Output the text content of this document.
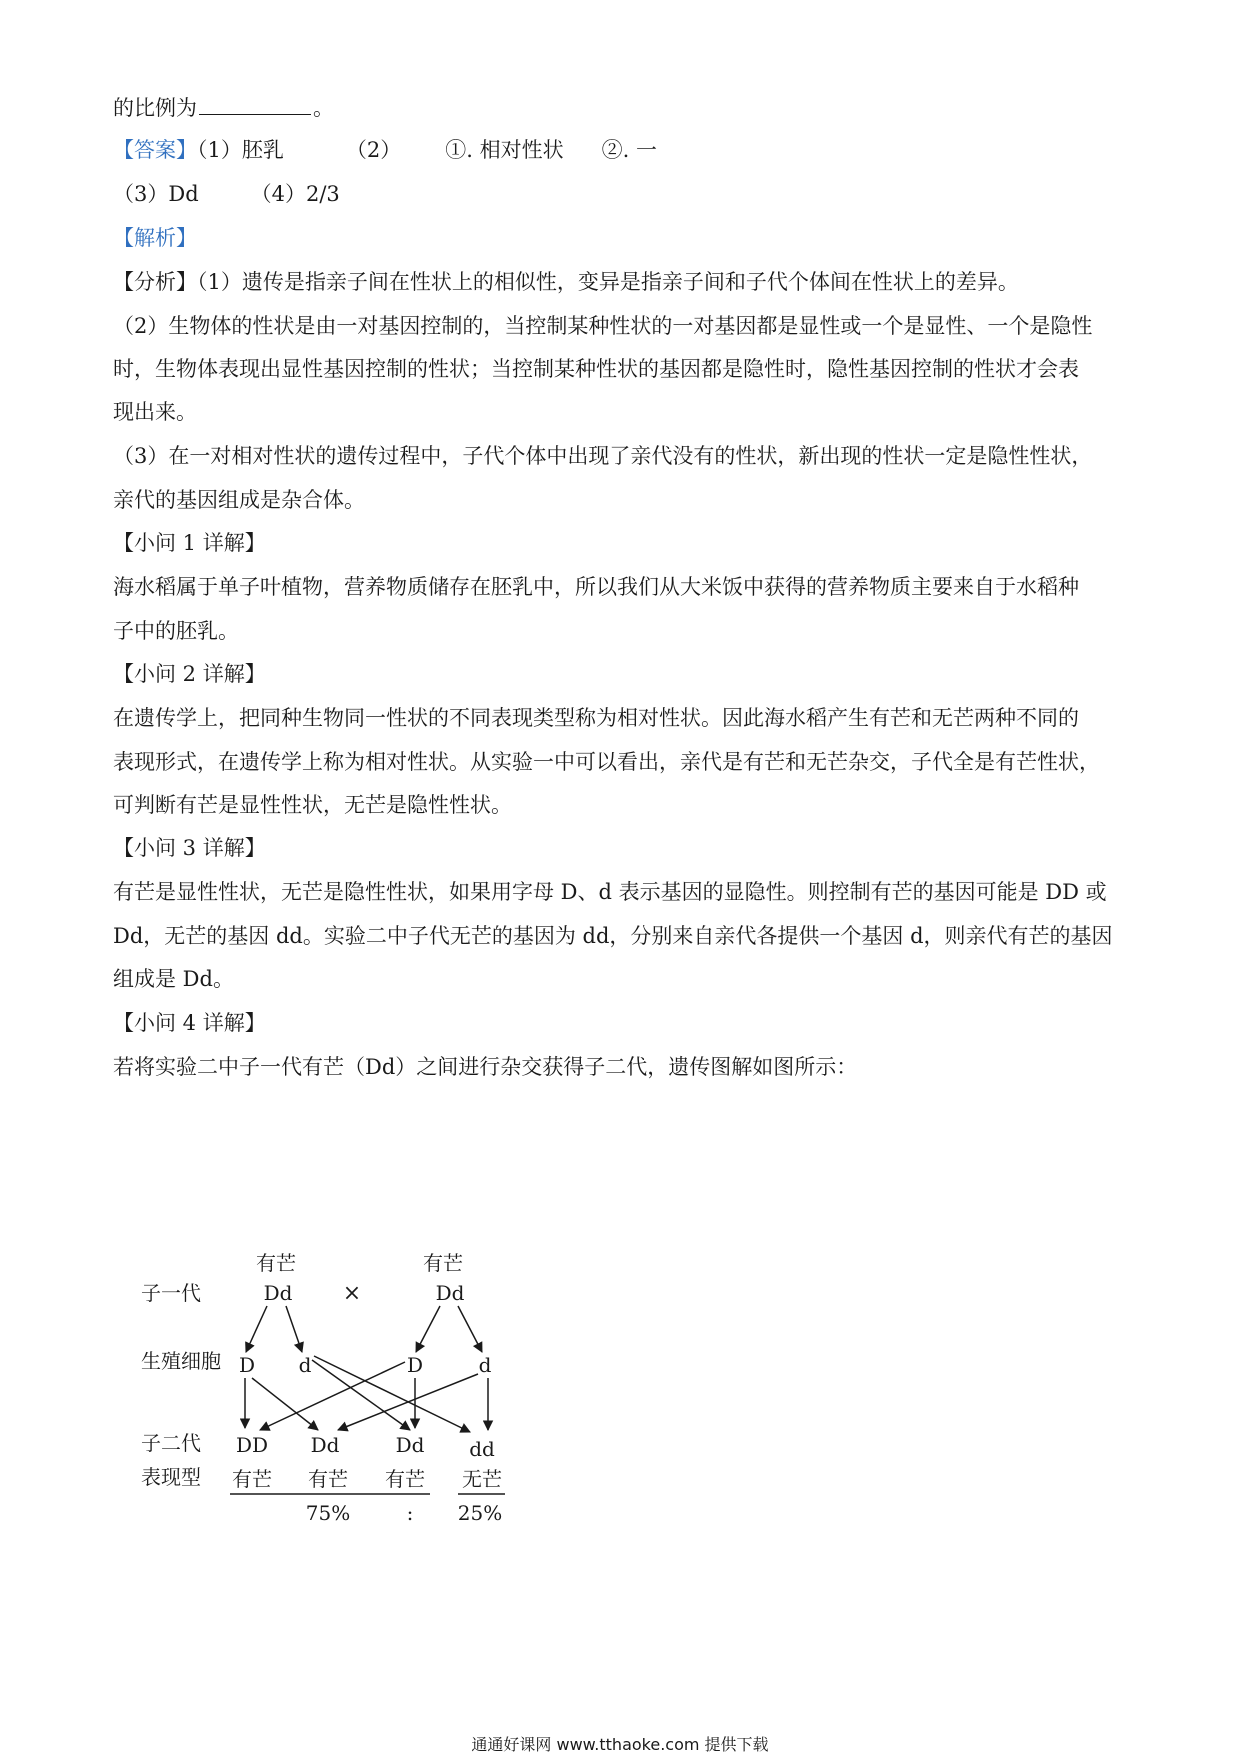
的比例为	。
【答案】（1）胚乳	（2） ①. 相对性状 ②. 一
（3）Dd （4）2/3
【解析】
【分析】（1）遗传是指亲子间在性状上的相似性，变异是指亲子间和子代个体间在性状上的差异。
（2）生物体的性状是由一对基因控制的，当控制某种性状的一对基因都是显性或一个是显性、一个是隐性
时，生物体表现出显性基因控制的性状；当控制某种性状的基因都是隐性时，隐性基因控制的性状才会表
现出来。
（3）在一对相对性状的遗传过程中，子代个体中出现了亲代没有的性状，新出现的性状一定是隐性性状，
亲代的基因组成是杂合体。
【小问 1 详解】
海水稻属于单子叶植物，营养物质储存在胚乳中，所以我们从大米饭中获得的营养物质主要来自于水稻种
子中的胚乳。
【小问 2 详解】
在遗传学上，把同种生物同一性状的不同表现类型称为相对性状。因此海水稻产生有芒和无芒两种不同的
表现形式，在遗传学上称为相对性状。从实验一中可以看出，亲代是有芒和无芒杂交，子代全是有芒性状，
可判断有芒是显性性状，无芒是隐性性状。
【小问 3 详解】
有芒是显性性状，无芒是隐性性状，如果用字母 D、d 表示基因的显隐性。则控制有芒的基因可能是 DD 或
Dd，无芒的基因 dd。实验二中子代无芒的基因为 dd，分别来自亲代各提供一个基因 d，则亲代有芒的基因
组成是 Dd。
【小问 4 详解】
若将实验二中子一代有芒（Dd）之间进行杂交获得子二代，遗传图解如图所示：
子一代
生殖细胞
子二代
表现型
有芒
Dd ×
有芒
Dd
D d	D	d
DD Dd	Dd dd
有芒 有芒 有芒 无芒
75%	: 25%
通通好课网 www.tthaoke.com 提供下载
